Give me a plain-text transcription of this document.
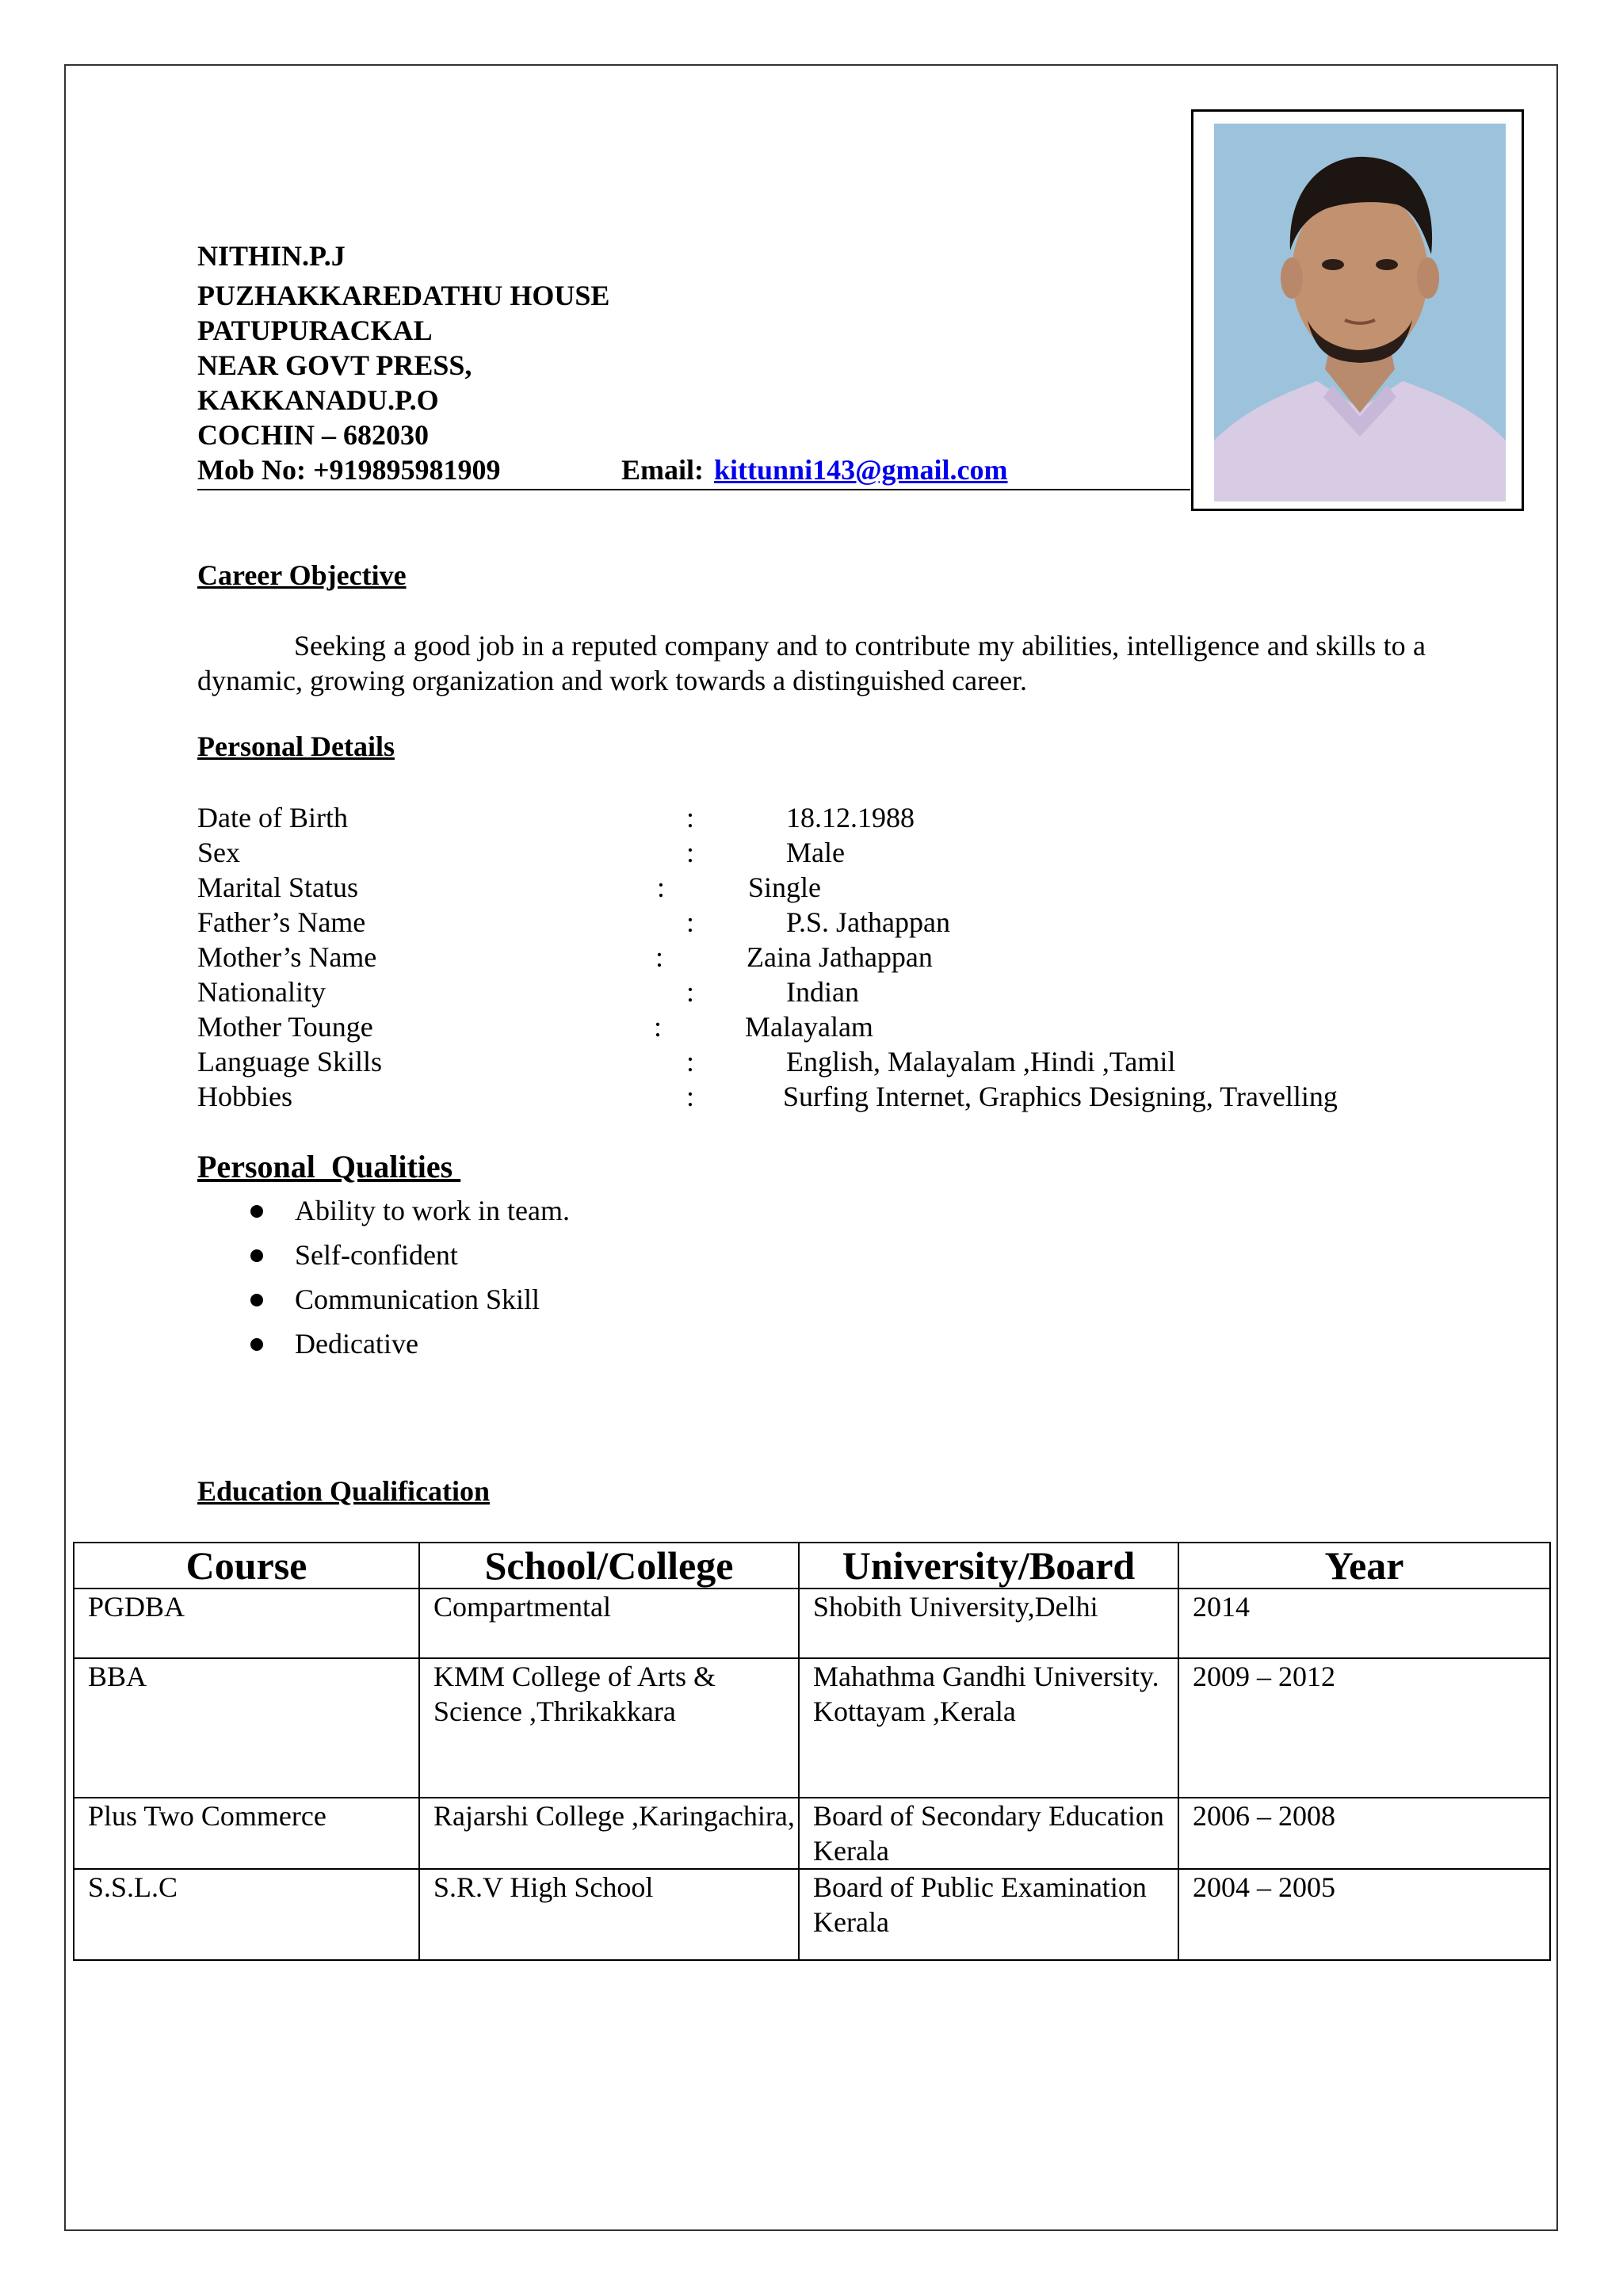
NITHIN.P.J
PUZHAKKAREDATHU HOUSE
PATUPURACKAL
NEAR GOVT PRESS,
KAKKANADU.P.O
COCHIN – 682030
Mob No: +919895981909	Email: kittunni143@gmail.com
Career Objective
Seeking a good job in a reputed company and to contribute my abilities, intelligence and skills to a dynamic, growing organization and work towards a distinguished career.
Personal Details
Date of Birth	:	18.12.1988
Sex	:	Male
Marital Status	:	Single
Father’s Name	:	P.S. Jathappan
Mother’s Name	:	Zaina Jathappan
Nationality	:	Indian
Mother Tounge	:	Malayalam
Language Skills	:	English, Malayalam ,Hindi ,Tamil
Hobbies	:	Surfing Internet, Graphics Designing, Travelling
Personal  Qualities
Ability to work in team.
Self-confident
Communication Skill
Dedicative
Education Qualification
Course	School/College	University/Board	Year
PGDBA	Compartmental	Shobith University,Delhi	2014
BBA	KMM College of Arts & Science ,Thrikakkara	Mahathma Gandhi University. Kottayam ,Kerala	2009 – 2012
Plus Two Commerce	Rajarshi College ,Karingachira,	Board of Secondary Education Kerala	2006 – 2008
S.S.L.C	S.R.V High School	Board of Public Examination Kerala	2004 – 2005
